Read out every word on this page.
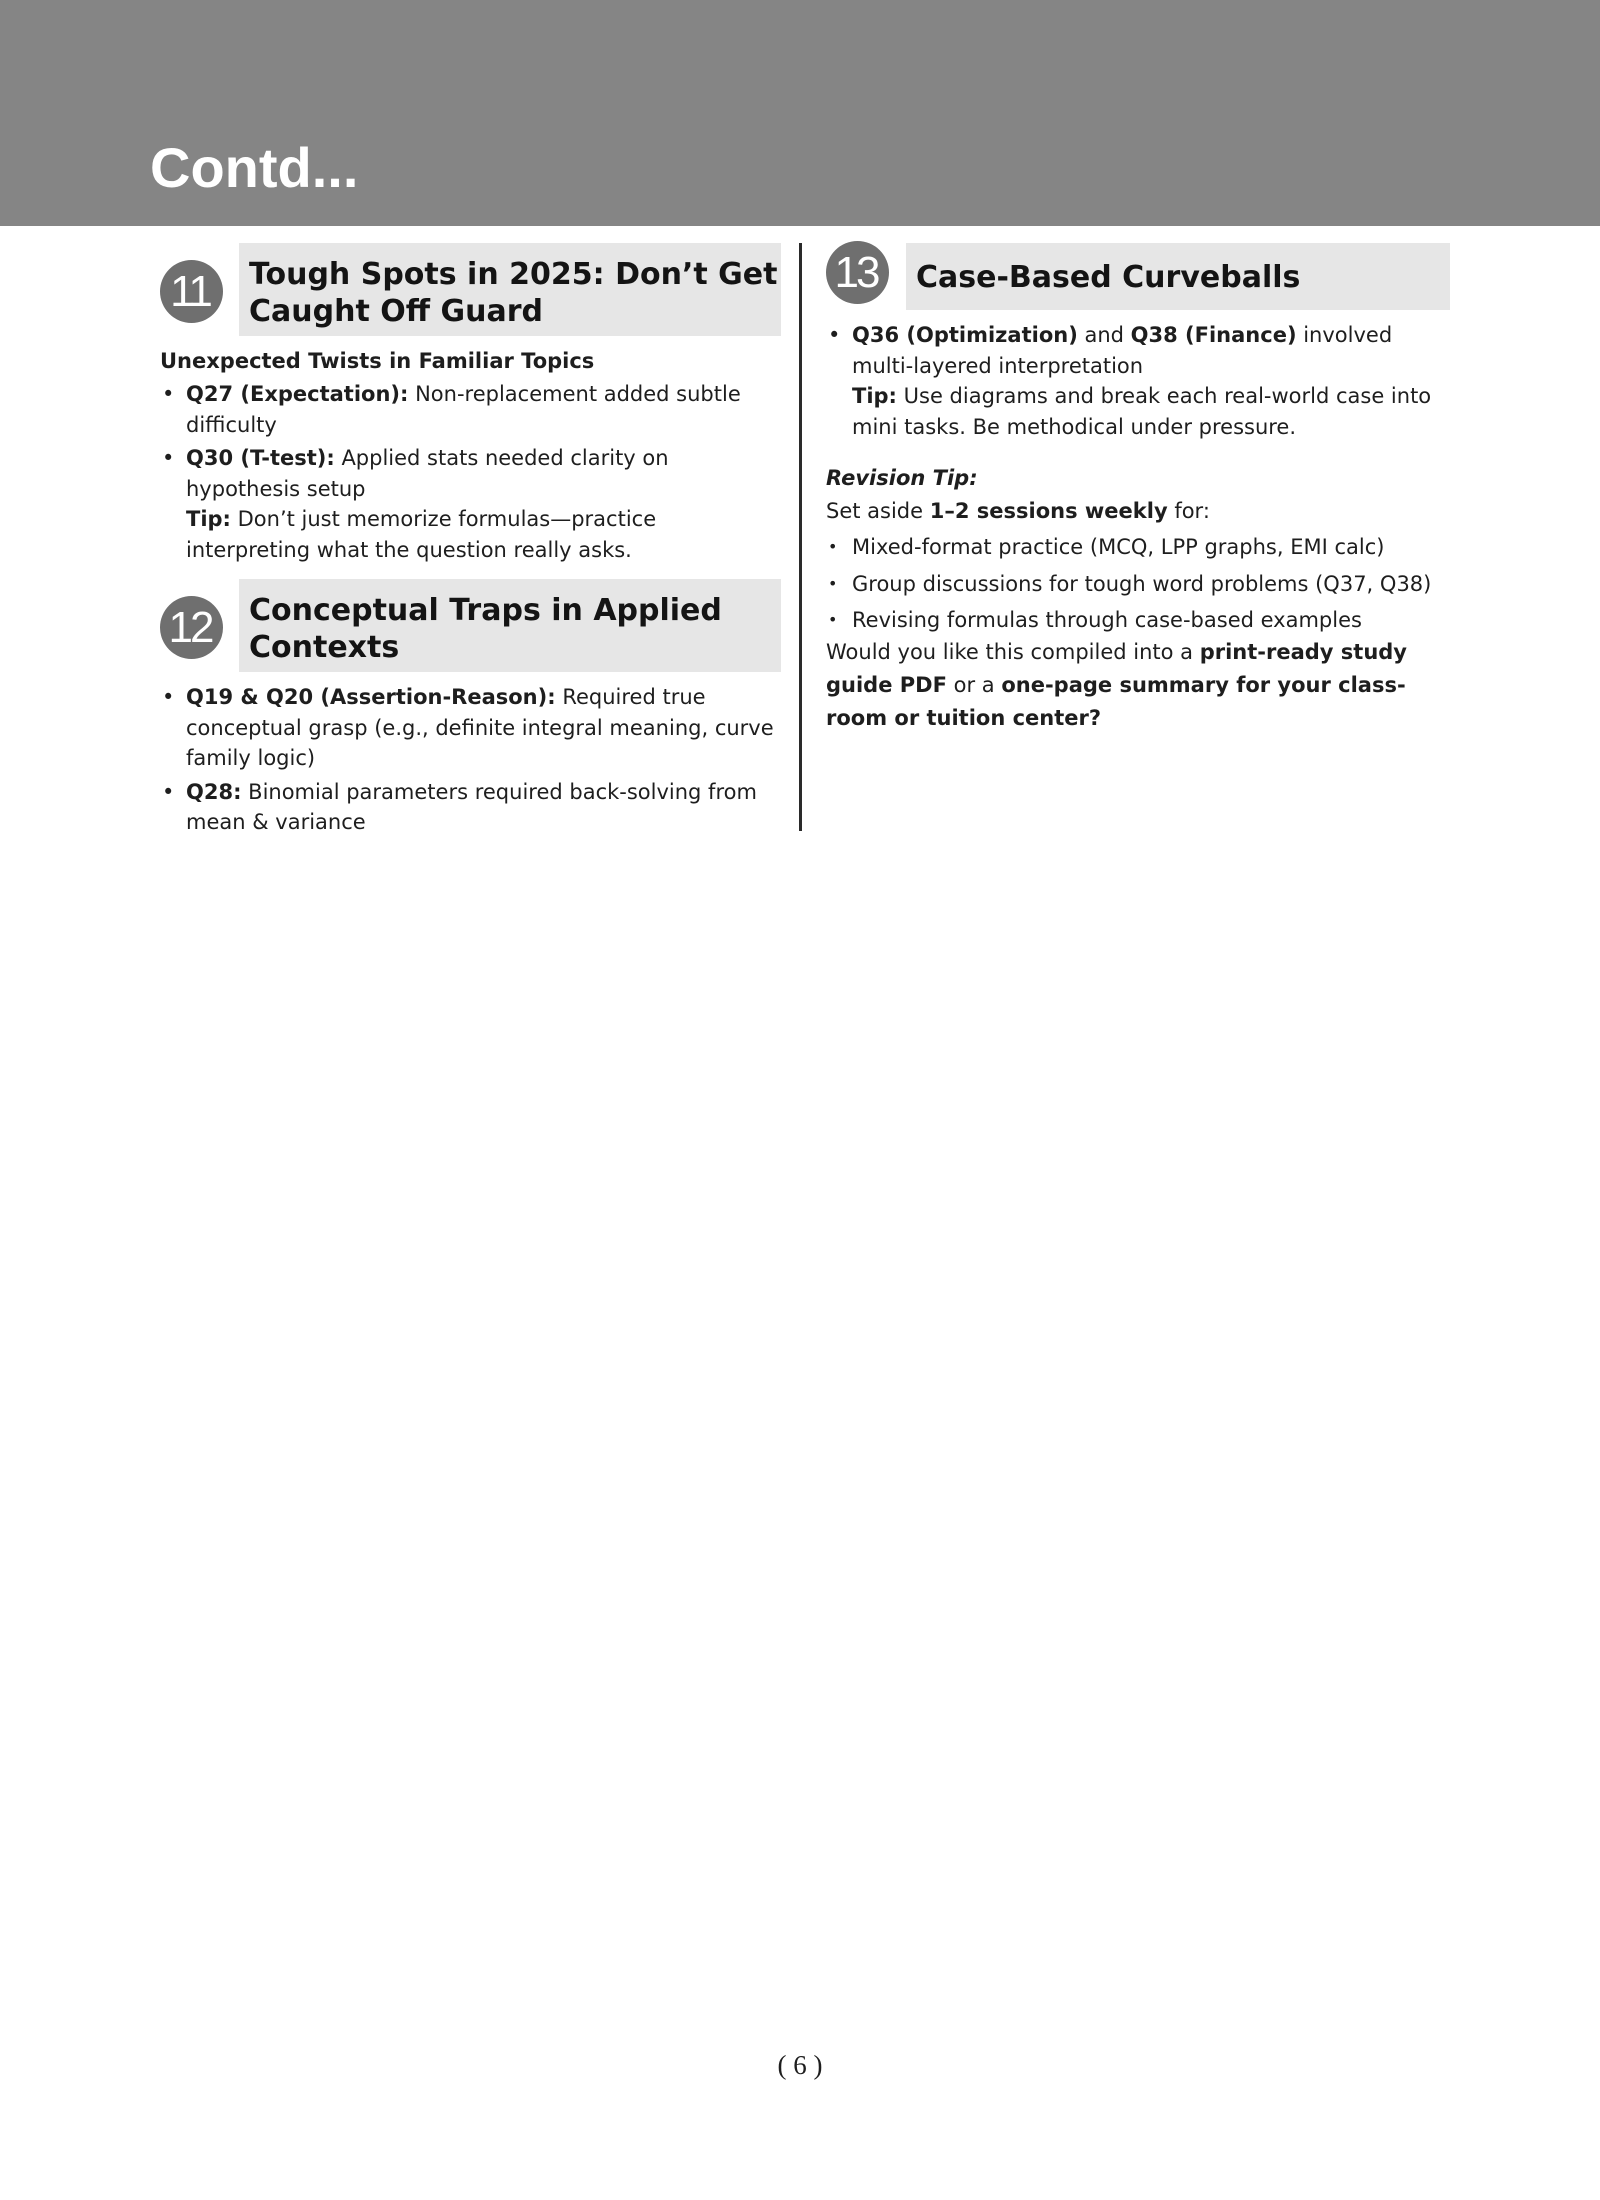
Contd...
11	Tough Spots in 2025: Don’t Get
Caught Off Guard
Unexpected Twists in Familiar Topics
• Q27 (Expectation): Non-replacement added subtle difficulty
• Q30 (T-test): Applied stats needed clarity on hypothesis setup
Tip: Don’t just memorize formulas—practice interpreting what the question really asks.
12	Conceptual Traps in Applied
Contexts
• Q19 & Q20 (Assertion-Reason): Required true conceptual grasp (e.g., definite integral meaning, curve family logic)
• Q28: Binomial parameters required back-solving from mean & variance
13	Case-Based Curveballs
• Q36 (Optimization) and Q38 (Finance) involved multi-layered interpretation
Tip: Use diagrams and break each real-world case into mini tasks. Be methodical under pressure.
Revision Tip:
Set aside 1–2 sessions weekly for:
• Mixed-format practice (MCQ, LPP graphs, EMI calc)
• Group discussions for tough word problems (Q37, Q38)
• Revising formulas through case-based examples
Would you like this compiled into a print-ready study guide PDF or a one-page summary for your class-room or tuition center?
( 6 )
